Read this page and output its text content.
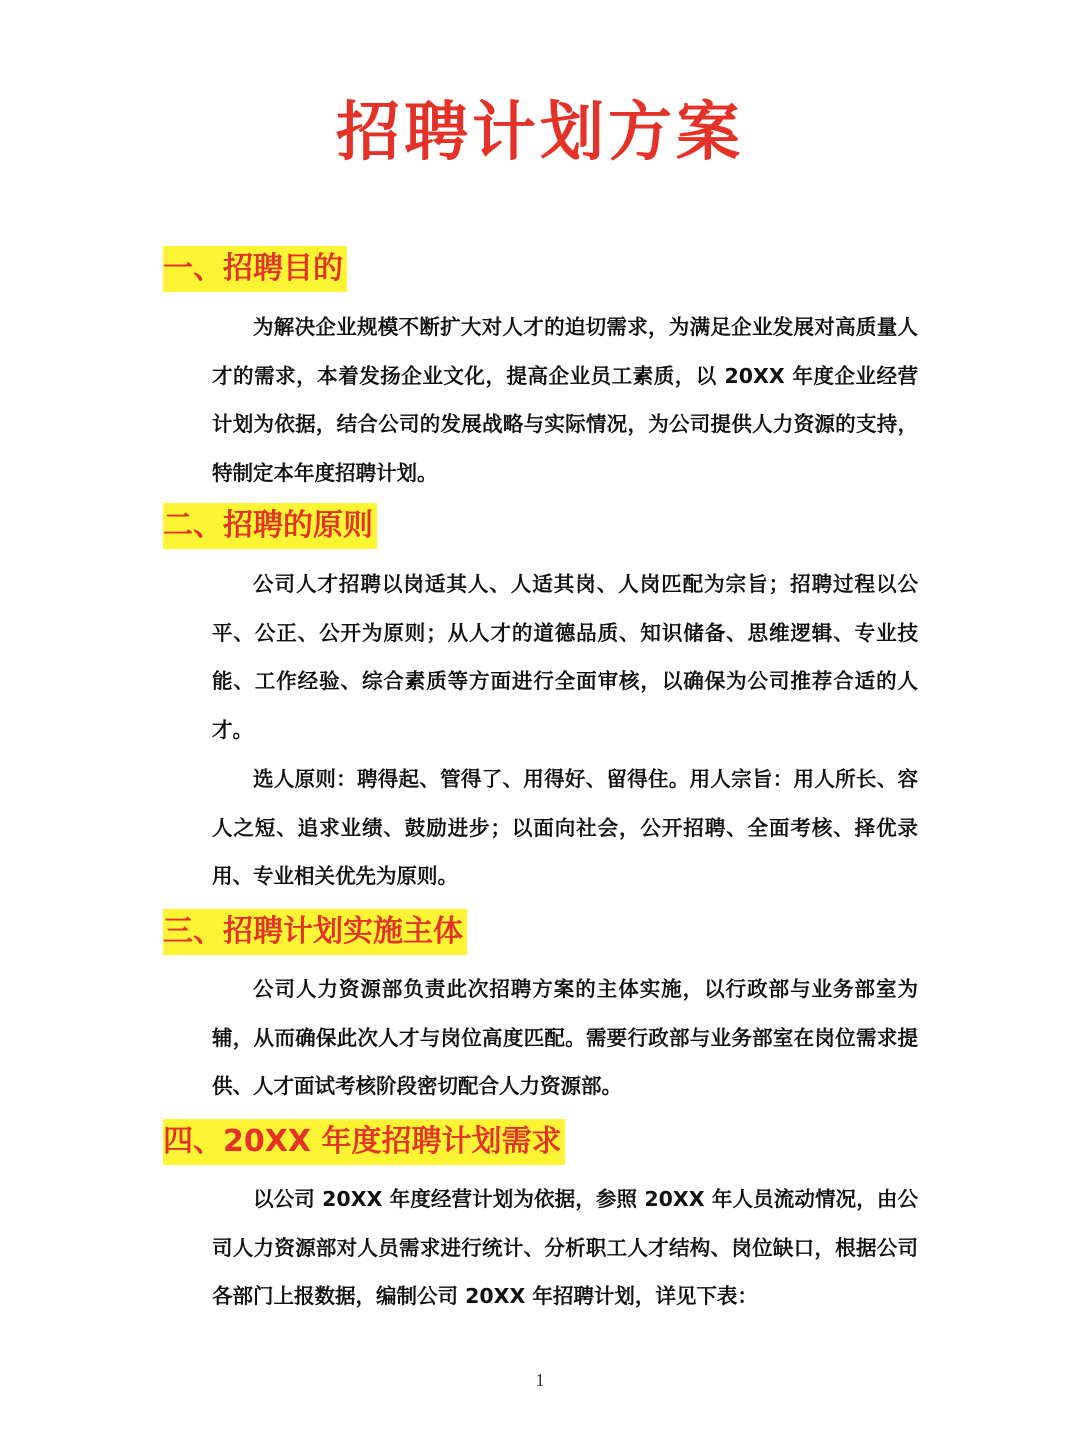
招聘计划方案
一、招聘目的

为解决企业规模不断扩大对人才的迫切需求，为满足企业发展对高质量人才的需求，本着发扬企业文化，提高企业员工素质，以 20XX 年度企业经营计划为依据，结合公司的发展战略与实际情况，为公司提供人力资源的支持，特制定本年度招聘计划。

二、招聘的原则

公司人才招聘以岗适其人、人适其岗、人岗匹配为宗旨；招聘过程以公平、公正、公开为原则；从人才的道德品质、知识储备、思维逻辑、专业技能、工作经验、综合素质等方面进行全面审核，以确保为公司推荐合适的人才。

选人原则：聘得起、管得了、用得好、留得住。用人宗旨：用人所长、容人之短、追求业绩、鼓励进步；以面向社会，公开招聘、全面考核、择优录用、专业相关优先为原则。

三、招聘计划实施主体

公司人力资源部负责此次招聘方案的主体实施，以行政部与业务部室为辅，从而确保此次人才与岗位高度匹配。需要行政部与业务部室在岗位需求提供、人才面试考核阶段密切配合人力资源部。

四、20XX 年度招聘计划需求

以公司 20XX 年度经营计划为依据，参照 20XX 年人员流动情况，由公司人力资源部对人员需求进行统计、分析职工人才结构、岗位缺口，根据公司各部门上报数据，编制公司 20XX 年招聘计划，详见下表：

1
